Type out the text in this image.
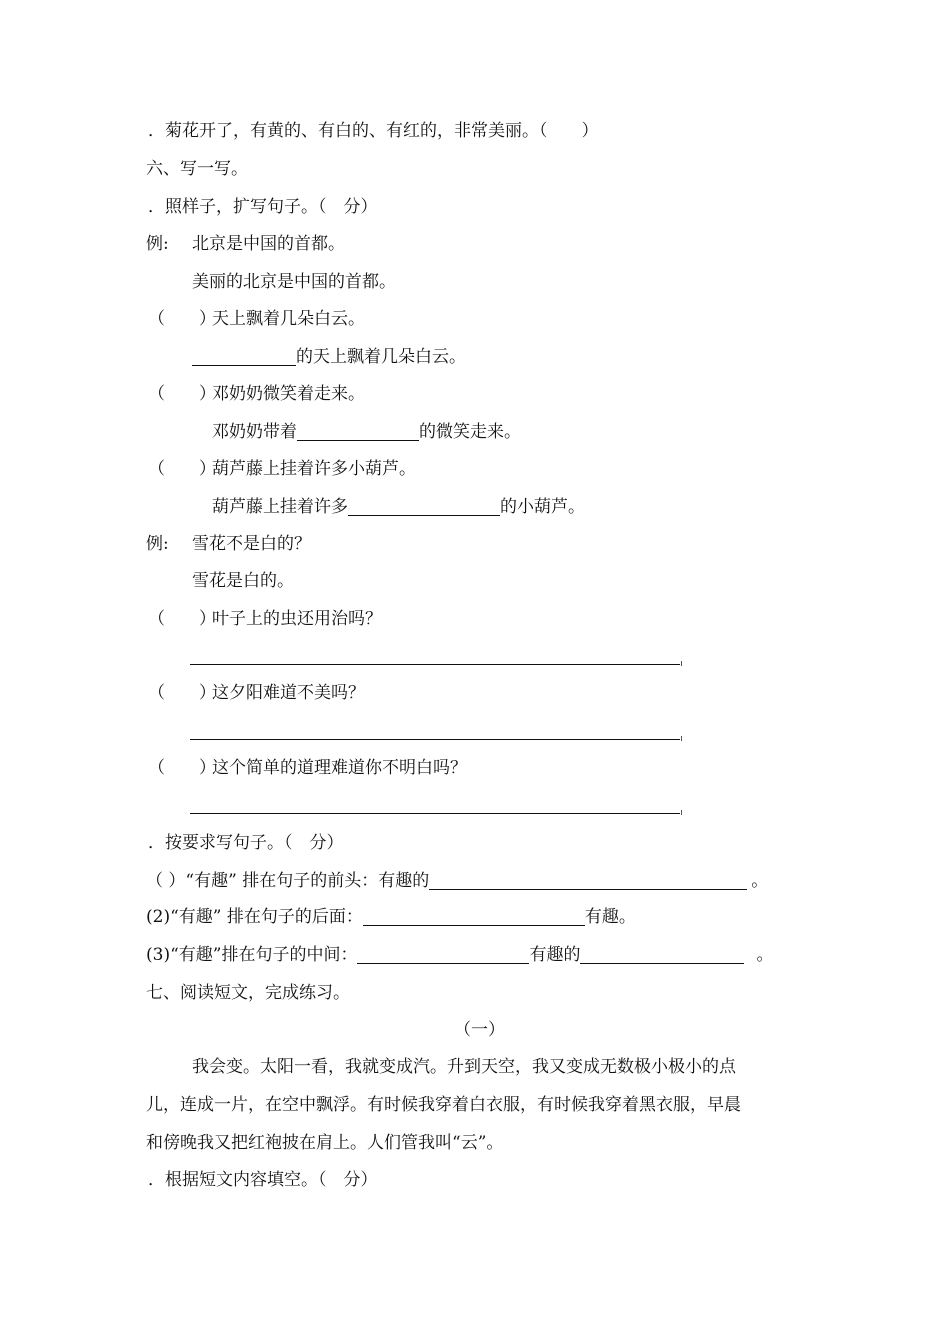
．菊花开了，有黄的、有白的、有红的，非常美丽。（　　）
六、写一写。
．照样子，扩写句子。（　分）
例: 北京是中国的首都。
美丽的北京是中国的首都。
（　　）
天上飘着几朵白云。
的天上飘着几朵白云。
（　　）
邓奶奶微笑着走来。
邓奶奶带着	的微笑走来。
（　　）
葫芦藤上挂着许多小葫芦。
葫芦藤上挂着许多	的小葫芦。
例: 雪花不是白的？
雪花是白的。
（　　）
叶子上的虫还用治吗？
（　　）
这夕阳难道不美吗？
（　　）
这个简单的道理难道你不明白吗？
．按要求写句子。（　分）
（ ）“有趣” 排在句子的前头：有趣的	。
(2)“有趣” 排在句子的后面：	有趣。
(3)“有趣”排在句子的中间：	有趣的	。
七、阅读短文，完成练习。
（一）
我会变。太阳一看，我就变成汽。升到天空，我又变成无数极小极小的点
儿，连成一片，在空中飘浮。有时候我穿着白衣服，有时候我穿着黑衣服，早晨
和傍晚我又把红袍披在肩上。人们管我叫“云”。
．根据短文内容填空。（　分）
